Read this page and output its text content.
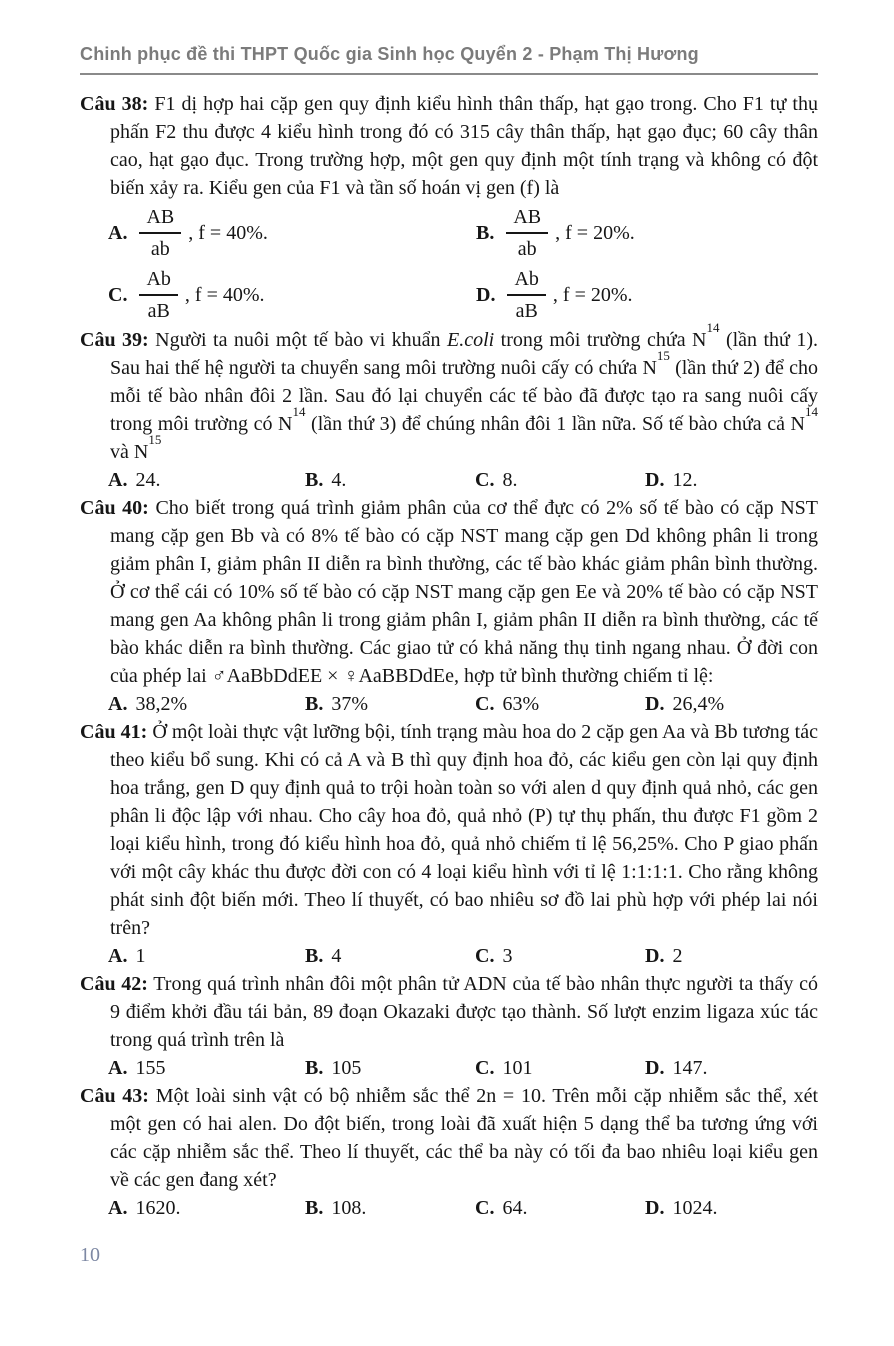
Chinh phục đề thi THPT Quốc gia Sinh học Quyển 2 - Phạm Thị Hương

Câu 38: F1 dị hợp hai cặp gen quy định kiểu hình thân thấp, hạt gạo trong. Cho F1 tự thụ phấn F2 thu được 4 kiểu hình trong đó có 315 cây thân thấp, hạt gạo đục; 60 cây thân cao, hạt gạo đục. Trong trường hợp, một gen quy định một tính trạng và không có đột biến xảy ra. Kiểu gen của F1 và tần số hoán vị gen (f) là

A. $\frac{AB}{ab}$ , f = 40%.	B. $\frac{AB}{ab}$ , f = 20%.
C. $\frac{Ab}{aB}$ , f = 40%.	D. $\frac{Ab}{aB}$ , f = 20%.

Câu 39: Người ta nuôi một tế bào vi khuẩn E.coli trong môi trường chứa $N^{14}$ (lần thứ 1). Sau hai thế hệ người ta chuyển sang môi trường nuôi cấy có chứa $N^{15}$ (lần thứ 2) để cho mỗi tế bào nhân đôi 2 lần. Sau đó lại chuyển các tế bào đã được tạo ra sang nuôi cấy trong môi trường có $N^{14}$ (lần thứ 3) để chúng nhân đôi 1 lần nữa. Số tế bào chứa cả $N^{14}$ và $N^{15}$

A. 24.	B. 4.	C. 8.	D. 12.

Câu 40: Cho biết trong quá trình giảm phân của cơ thể đực có 2% số tế bào có cặp NST mang cặp gen Bb và có 8% tế bào có cặp NST mang cặp gen Dd không phân li trong giảm phân I, giảm phân II diễn ra bình thường, các tế bào khác giảm phân bình thường. Ở cơ thể cái có 10% số tế bào có cặp NST mang cặp gen Ee và 20% tế bào có cặp NST mang gen Aa không phân li trong giảm phân I, giảm phân II diễn ra bình thường, các tế bào khác diễn ra bình thường. Các giao tử có khả năng thụ tinh ngang nhau. Ở đời con của phép lai ♂AaBbDdEE × ♀AaBBDdEe, hợp tử bình thường chiếm tỉ lệ:

A. 38,2%	B. 37%	C. 63%	D. 26,4%

Câu 41: Ở một loài thực vật lưỡng bội, tính trạng màu hoa do 2 cặp gen Aa và Bb tương tác theo kiểu bổ sung. Khi có cả A và B thì quy định hoa đỏ, các kiểu gen còn lại quy định hoa trắng, gen D quy định quả to trội hoàn toàn so với alen d quy định quả nhỏ, các gen phân li độc lập với nhau. Cho cây hoa đỏ, quả nhỏ (P) tự thụ phấn, thu được F1 gồm 2 loại kiểu hình, trong đó kiểu hình hoa đỏ, quả nhỏ chiếm tỉ lệ 56,25%. Cho P giao phấn với một cây khác thu được đời con có 4 loại kiểu hình với tỉ lệ 1:1:1:1. Cho rằng không phát sinh đột biến mới. Theo lí thuyết, có bao nhiêu sơ đồ lai phù hợp với phép lai nói trên?

A. 1	B. 4	C. 3	D. 2

Câu 42: Trong quá trình nhân đôi một phân tử ADN của tế bào nhân thực người ta thấy có 9 điểm khởi đầu tái bản, 89 đoạn Okazaki được tạo thành. Số lượt enzim ligaza xúc tác trong quá trình trên là

A. 155	B. 105	C. 101	D. 147.

Câu 43: Một loài sinh vật có bộ nhiễm sắc thể 2n = 10. Trên mỗi cặp nhiễm sắc thể, xét một gen có hai alen. Do đột biến, trong loài đã xuất hiện 5 dạng thể ba tương ứng với các cặp nhiễm sắc thể. Theo lí thuyết, các thể ba này có tối đa bao nhiêu loại kiểu gen về các gen đang xét?

A. 1620.	B. 108.	C. 64.	D. 1024.
10
